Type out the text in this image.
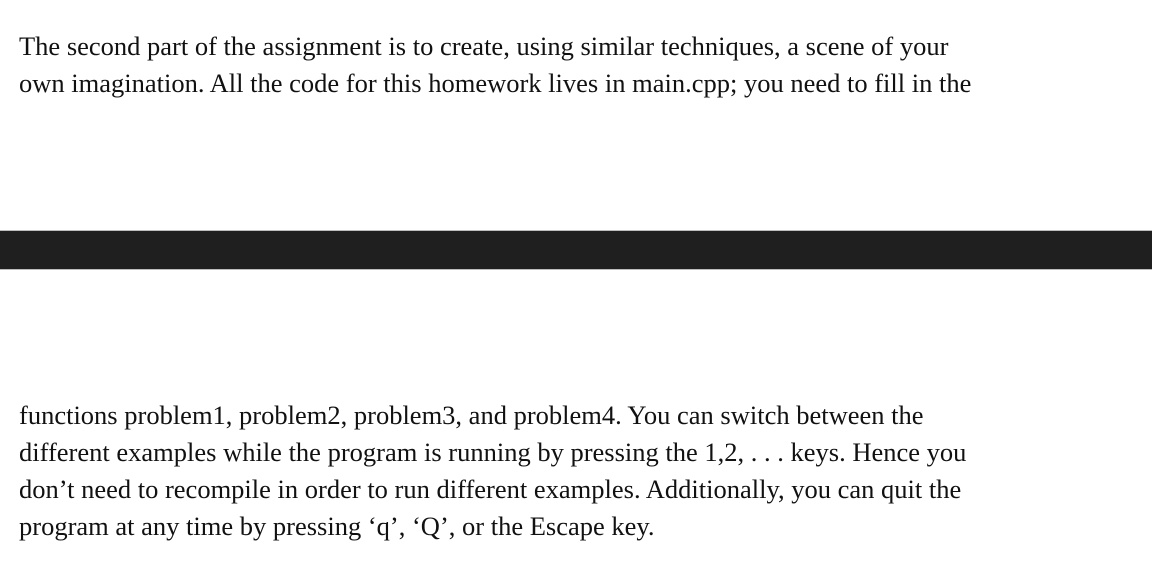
The second part of the assignment is to create, using similar techniques, a scene of your
own imagination. All the code for this homework lives in main.cpp; you need to fill in the
functions problem1, problem2, problem3, and problem4. You can switch between the
different examples while the program is running by pressing the 1,2, . . . keys. Hence you
don’t need to recompile in order to run different examples. Additionally, you can quit the
program at any time by pressing ‘q’, ‘Q’, or the Escape key.
